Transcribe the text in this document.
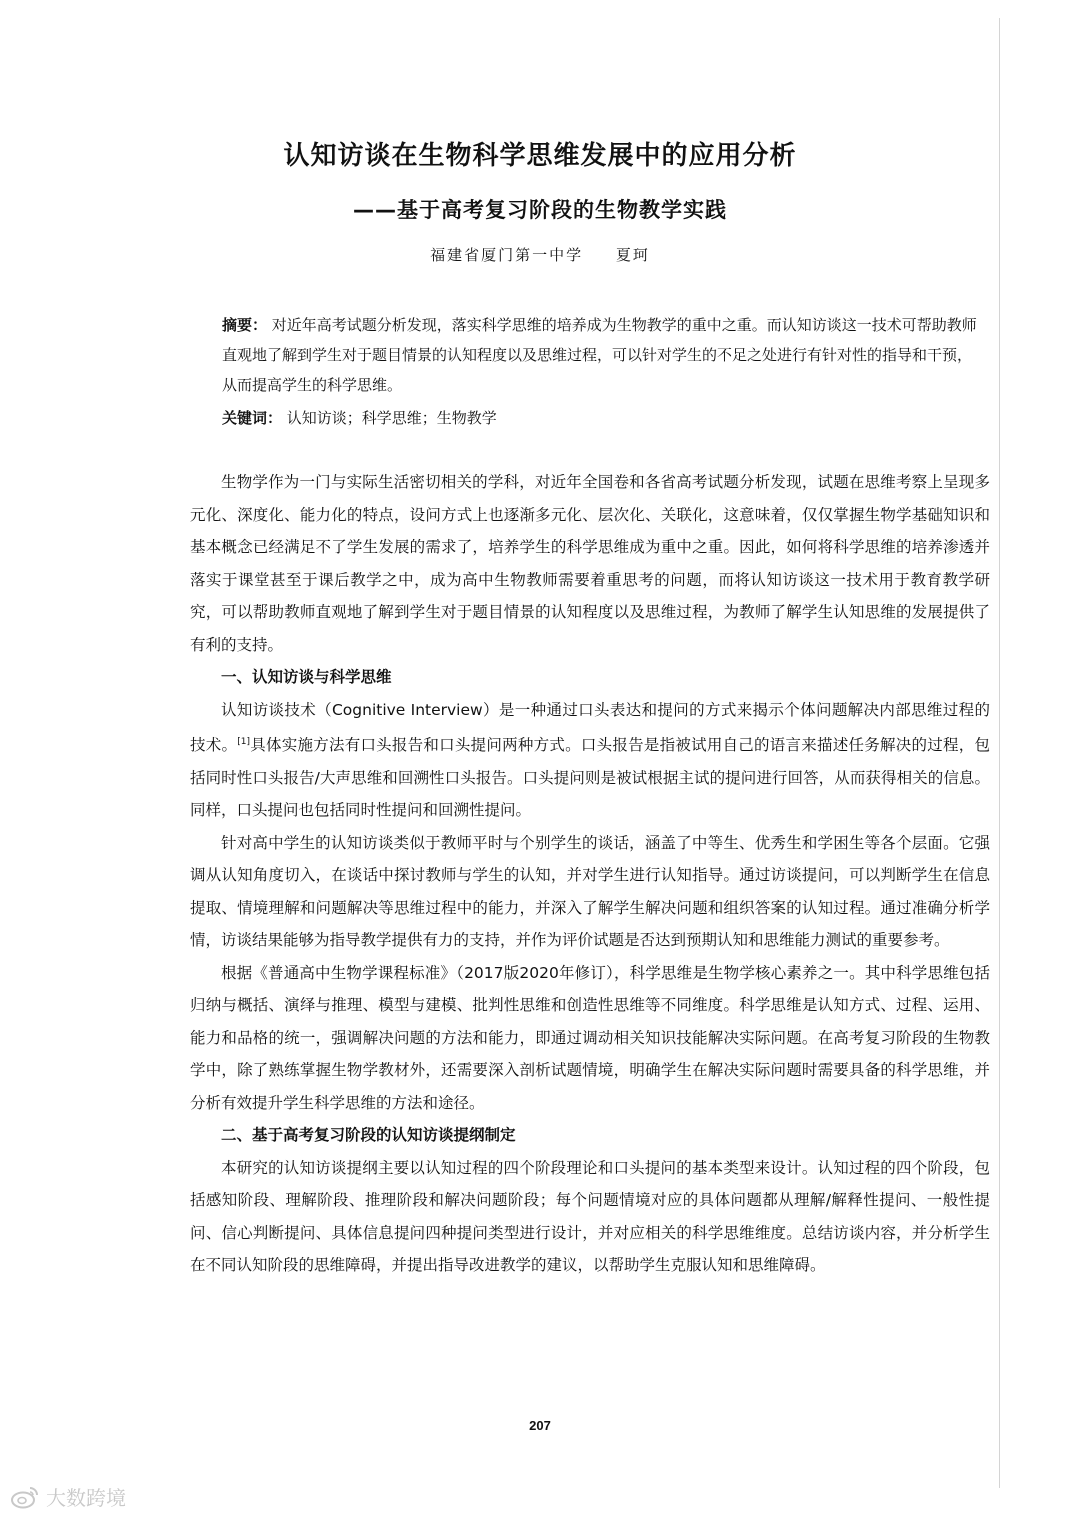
认知访谈在生物科学思维发展中的应用分析
——基于高考复习阶段的生物教学实践
福建省厦门第一中学 夏珂
摘要： 对近年高考试题分析发现，落实科学思维的培养成为生物教学的重中之重。而认知访谈这一技术可帮助教师直观地了解到学生对于题目情景的认知程度以及思维过程，可以针对学生的不足之处进行有针对性的指导和干预，从而提高学生的科学思维。
关键词： 认知访谈；科学思维；生物教学

生物学作为一门与实际生活密切相关的学科，对近年全国卷和各省高考试题分析发现，试题在思维考察上呈现多元化、深度化、能力化的特点，设问方式上也逐渐多元化、层次化、关联化，这意味着，仅仅掌握生物学基础知识和基本概念已经满足不了学生发展的需求了，培养学生的科学思维成为重中之重。因此，如何将科学思维的培养渗透并落实于课堂甚至于课后教学之中，成为高中生物教师需要着重思考的问题，而将认知访谈这一技术用于教育教学研究，可以帮助教师直观地了解到学生对于题目情景的认知程度以及思维过程，为教师了解学生认知思维的发展提供了有利的支持。

一、认知访谈与科学思维

认知访谈技术（Cognitive Interview）是一种通过口头表达和提问的方式来揭示个体问题解决内部思维过程的技术。[1]具体实施方法有口头报告和口头提问两种方式。口头报告是指被试用自己的语言来描述任务解决的过程，包括同时性口头报告/大声思维和回溯性口头报告。口头提问则是被试根据主试的提问进行回答，从而获得相关的信息。同样，口头提问也包括同时性提问和回溯性提问。

针对高中学生的认知访谈类似于教师平时与个别学生的谈话，涵盖了中等生、优秀生和学困生等各个层面。它强调从认知角度切入，在谈话中探讨教师与学生的认知，并对学生进行认知指导。通过访谈提问，可以判断学生在信息提取、情境理解和问题解决等思维过程中的能力，并深入了解学生解决问题和组织答案的认知过程。通过准确分析学情，访谈结果能够为指导教学提供有力的支持，并作为评价试题是否达到预期认知和思维能力测试的重要参考。

根据《普通高中生物学课程标准》（2017版2020年修订），科学思维是生物学核心素养之一。其中科学思维包括归纳与概括、演绎与推理、模型与建模、批判性思维和创造性思维等不同维度。科学思维是认知方式、过程、运用、能力和品格的统一，强调解决问题的方法和能力，即通过调动相关知识技能解决实际问题。在高考复习阶段的生物教学中，除了熟练掌握生物学教材外，还需要深入剖析试题情境，明确学生在解决实际问题时需要具备的科学思维，并分析有效提升学生科学思维的方法和途径。

二、基于高考复习阶段的认知访谈提纲制定

本研究的认知访谈提纲主要以认知过程的四个阶段理论和口头提问的基本类型来设计。认知过程的四个阶段，包括感知阶段、理解阶段、推理阶段和解决问题阶段；每个问题情境对应的具体问题都从理解/解释性提问、一般性提问、信心判断提问、具体信息提问四种提问类型进行设计，并对应相关的科学思维维度。总结访谈内容，并分析学生在不同认知阶段的思维障碍，并提出指导改进教学的建议，以帮助学生克服认知和思维障碍。

207
大数跨境
